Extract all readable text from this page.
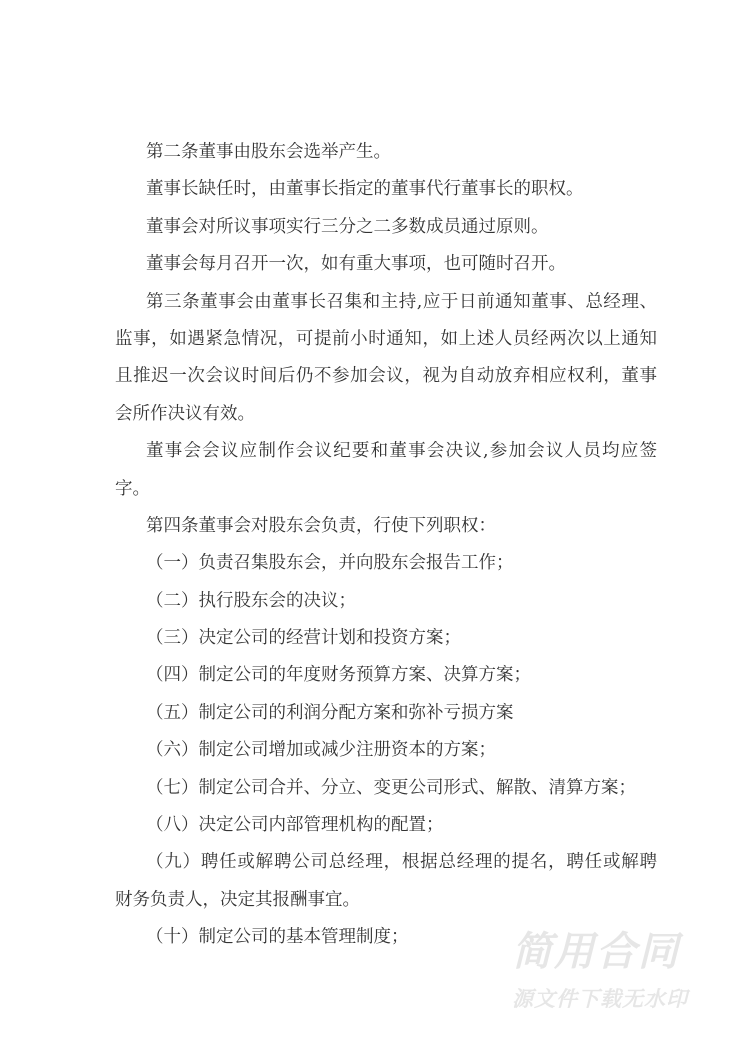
第二条董事由股东会选举产生。
董事长缺任时，由董事长指定的董事代行董事长的职权。
董事会对所议事项实行三分之二多数成员通过原则。
董事会每月召开一次，如有重大事项，也可随时召开。
第三条董事会由董事长召集和主持,应于日前通知董事、总经理、
监事，如遇紧急情况，可提前小时通知，如上述人员经两次以上通知
且推迟一次会议时间后仍不参加会议，视为自动放弃相应权利，董事
会所作决议有效。
董事会会议应制作会议纪要和董事会决议,参加会议人员均应签
字。
第四条董事会对股东会负责，行使下列职权：
（一）负责召集股东会，并向股东会报告工作；
（二）执行股东会的决议；
（三）决定公司的经营计划和投资方案；
（四）制定公司的年度财务预算方案、决算方案；
（五）制定公司的利润分配方案和弥补亏损方案
（六）制定公司增加或减少注册资本的方案；
（七）制定公司合并、分立、变更公司形式、解散、清算方案；
（八）决定公司内部管理机构的配置；
（九）聘任或解聘公司总经理，根据总经理的提名，聘任或解聘
财务负责人，决定其报酬事宜。
（十）制定公司的基本管理制度；	简用合同
源文件下载无水印
